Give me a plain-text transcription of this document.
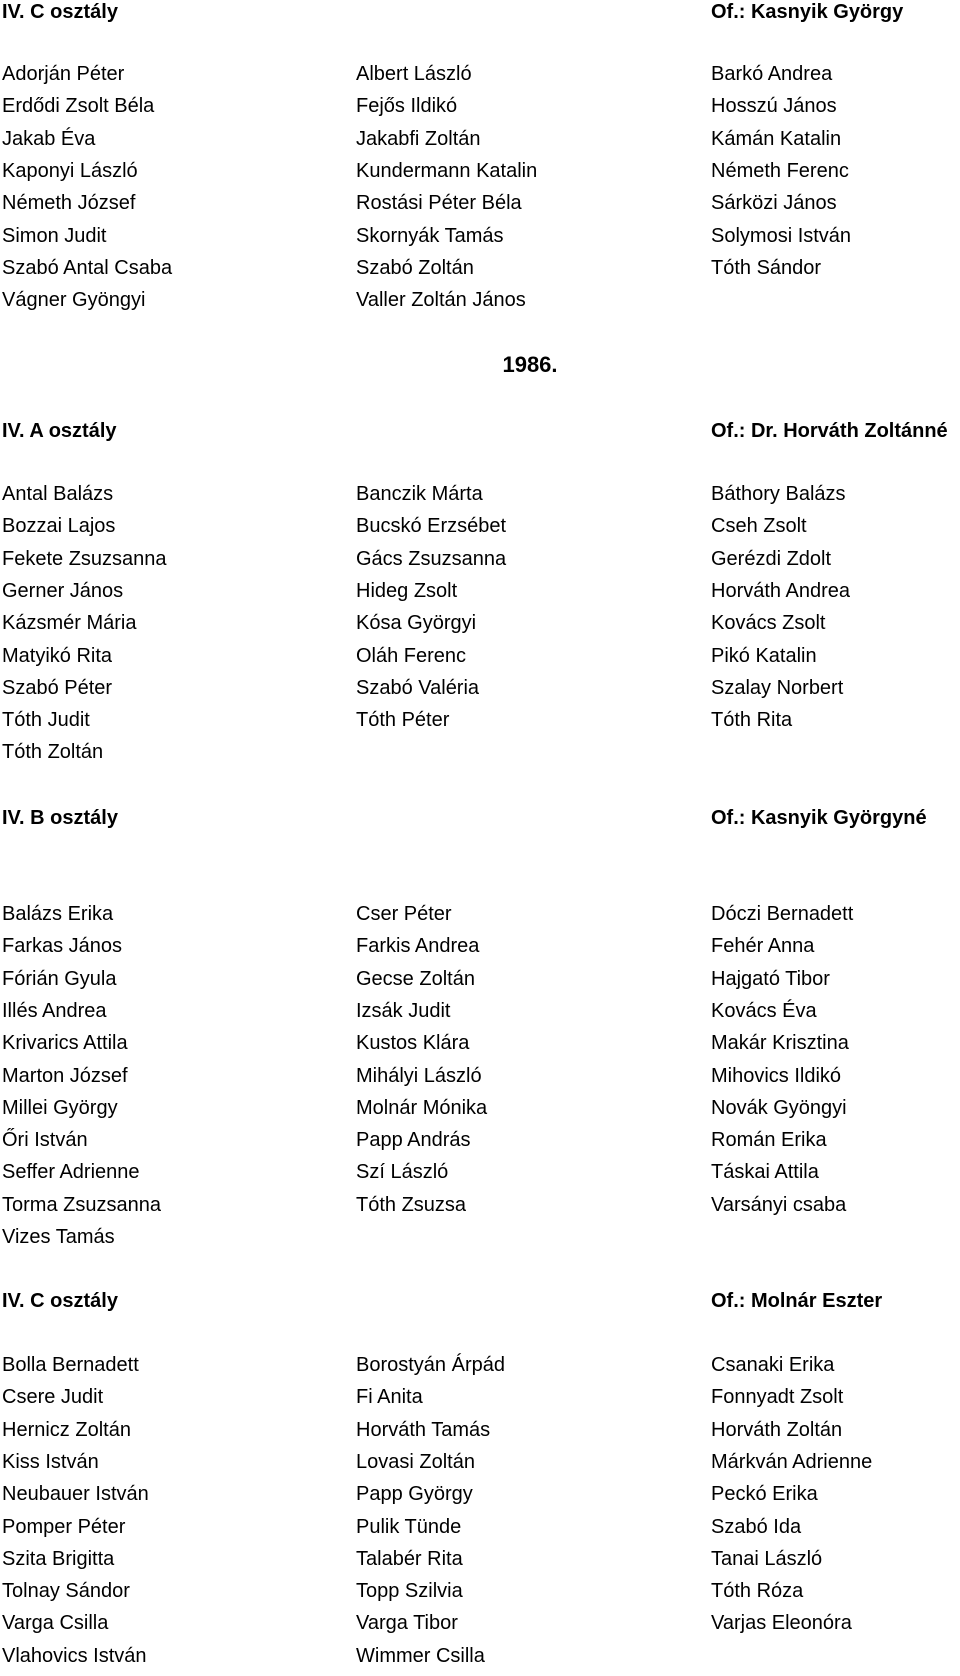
IV. C osztály	Of.: Kasnyik György
Adorján Péter	Albert László	Barkó Andrea
Erdődi Zsolt Béla	Fejős Ildikó	Hosszú János
Jakab Éva	Jakabfi Zoltán	Kámán Katalin
Kaponyi László	Kundermann Katalin	Németh Ferenc
Németh József	Rostási Péter Béla	Sárközi János
Simon Judit	Skornyák Tamás	Solymosi István
Szabó Antal Csaba	Szabó Zoltán	Tóth Sándor
Vágner Gyöngyi	Valler Zoltán János
1986.
IV. A osztály	Of.: Dr. Horváth Zoltánné
Antal Balázs	Banczik Márta	Báthory Balázs
Bozzai Lajos	Bucskó Erzsébet	Cseh Zsolt
Fekete Zsuzsanna	Gács Zsuzsanna	Gerézdi Zdolt
Gerner János	Hideg Zsolt	Horváth Andrea
Kázsmér Mária	Kósa Györgyi	Kovács Zsolt
Matyikó Rita	Oláh Ferenc	Pikó Katalin
Szabó Péter	Szabó Valéria	Szalay Norbert
Tóth Judit	Tóth Péter	Tóth Rita
Tóth Zoltán
IV. B osztály	Of.: Kasnyik Györgyné
Balázs Erika	Cser Péter	Dóczi Bernadett
Farkas János	Farkis Andrea	Fehér Anna
Fórián Gyula	Gecse Zoltán	Hajgató Tibor
Illés Andrea	Izsák Judit	Kovács Éva
Krivarics Attila	Kustos Klára	Makár Krisztina
Marton József	Mihályi László	Mihovics Ildikó
Millei György	Molnár Mónika	Novák Gyöngyi
Őri István	Papp András	Román Erika
Seffer Adrienne	Szí László	Táskai Attila
Torma Zsuzsanna	Tóth Zsuzsa	Varsányi csaba
Vizes Tamás
IV. C osztály	Of.: Molnár Eszter
Bolla Bernadett	Borostyán Árpád	Csanaki Erika
Csere Judit	Fi Anita	Fonnyadt Zsolt
Hernicz Zoltán	Horváth Tamás	Horváth Zoltán
Kiss István	Lovasi Zoltán	Márkván Adrienne
Neubauer István	Papp György	Peckó Erika
Pomper Péter	Pulik Tünde	Szabó Ida
Szita Brigitta	Talabér Rita	Tanai László
Tolnay Sándor	Topp Szilvia	Tóth Róza
Varga Csilla	Varga Tibor	Varjas Eleonóra
Vlahovics István	Wimmer Csilla
